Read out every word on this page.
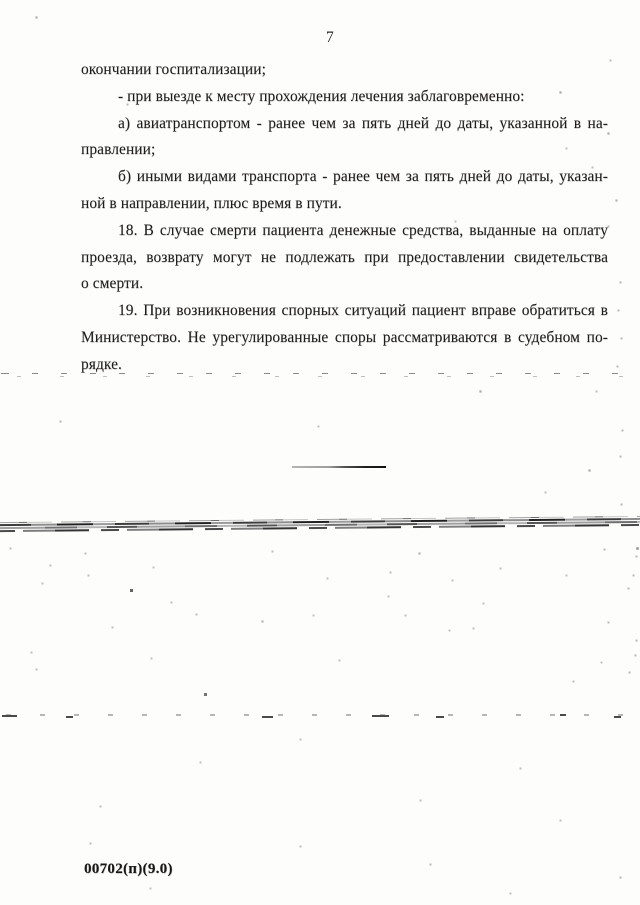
7
окончании госпитализации;
- при выезде к месту прохождения лечения заблаговременно:
а) авиатранспортом - ранее чем за пять дней до даты, указанной в на-
правлении;
б) иными видами транспорта - ранее чем за пять дней до даты, указан-
ной в направлении, плюс время в пути.
18. В случае смерти пациента денежные средства, выданные на оплату
проезда, возврату могут не подлежать при предоставлении свидетельства
о смерти.
19. При возникновения спорных ситуаций пациент вправе обратиться в
Министерство. Не урегулированные споры рассматриваются в судебном по-
рядке.
00702(п)(9.0)
